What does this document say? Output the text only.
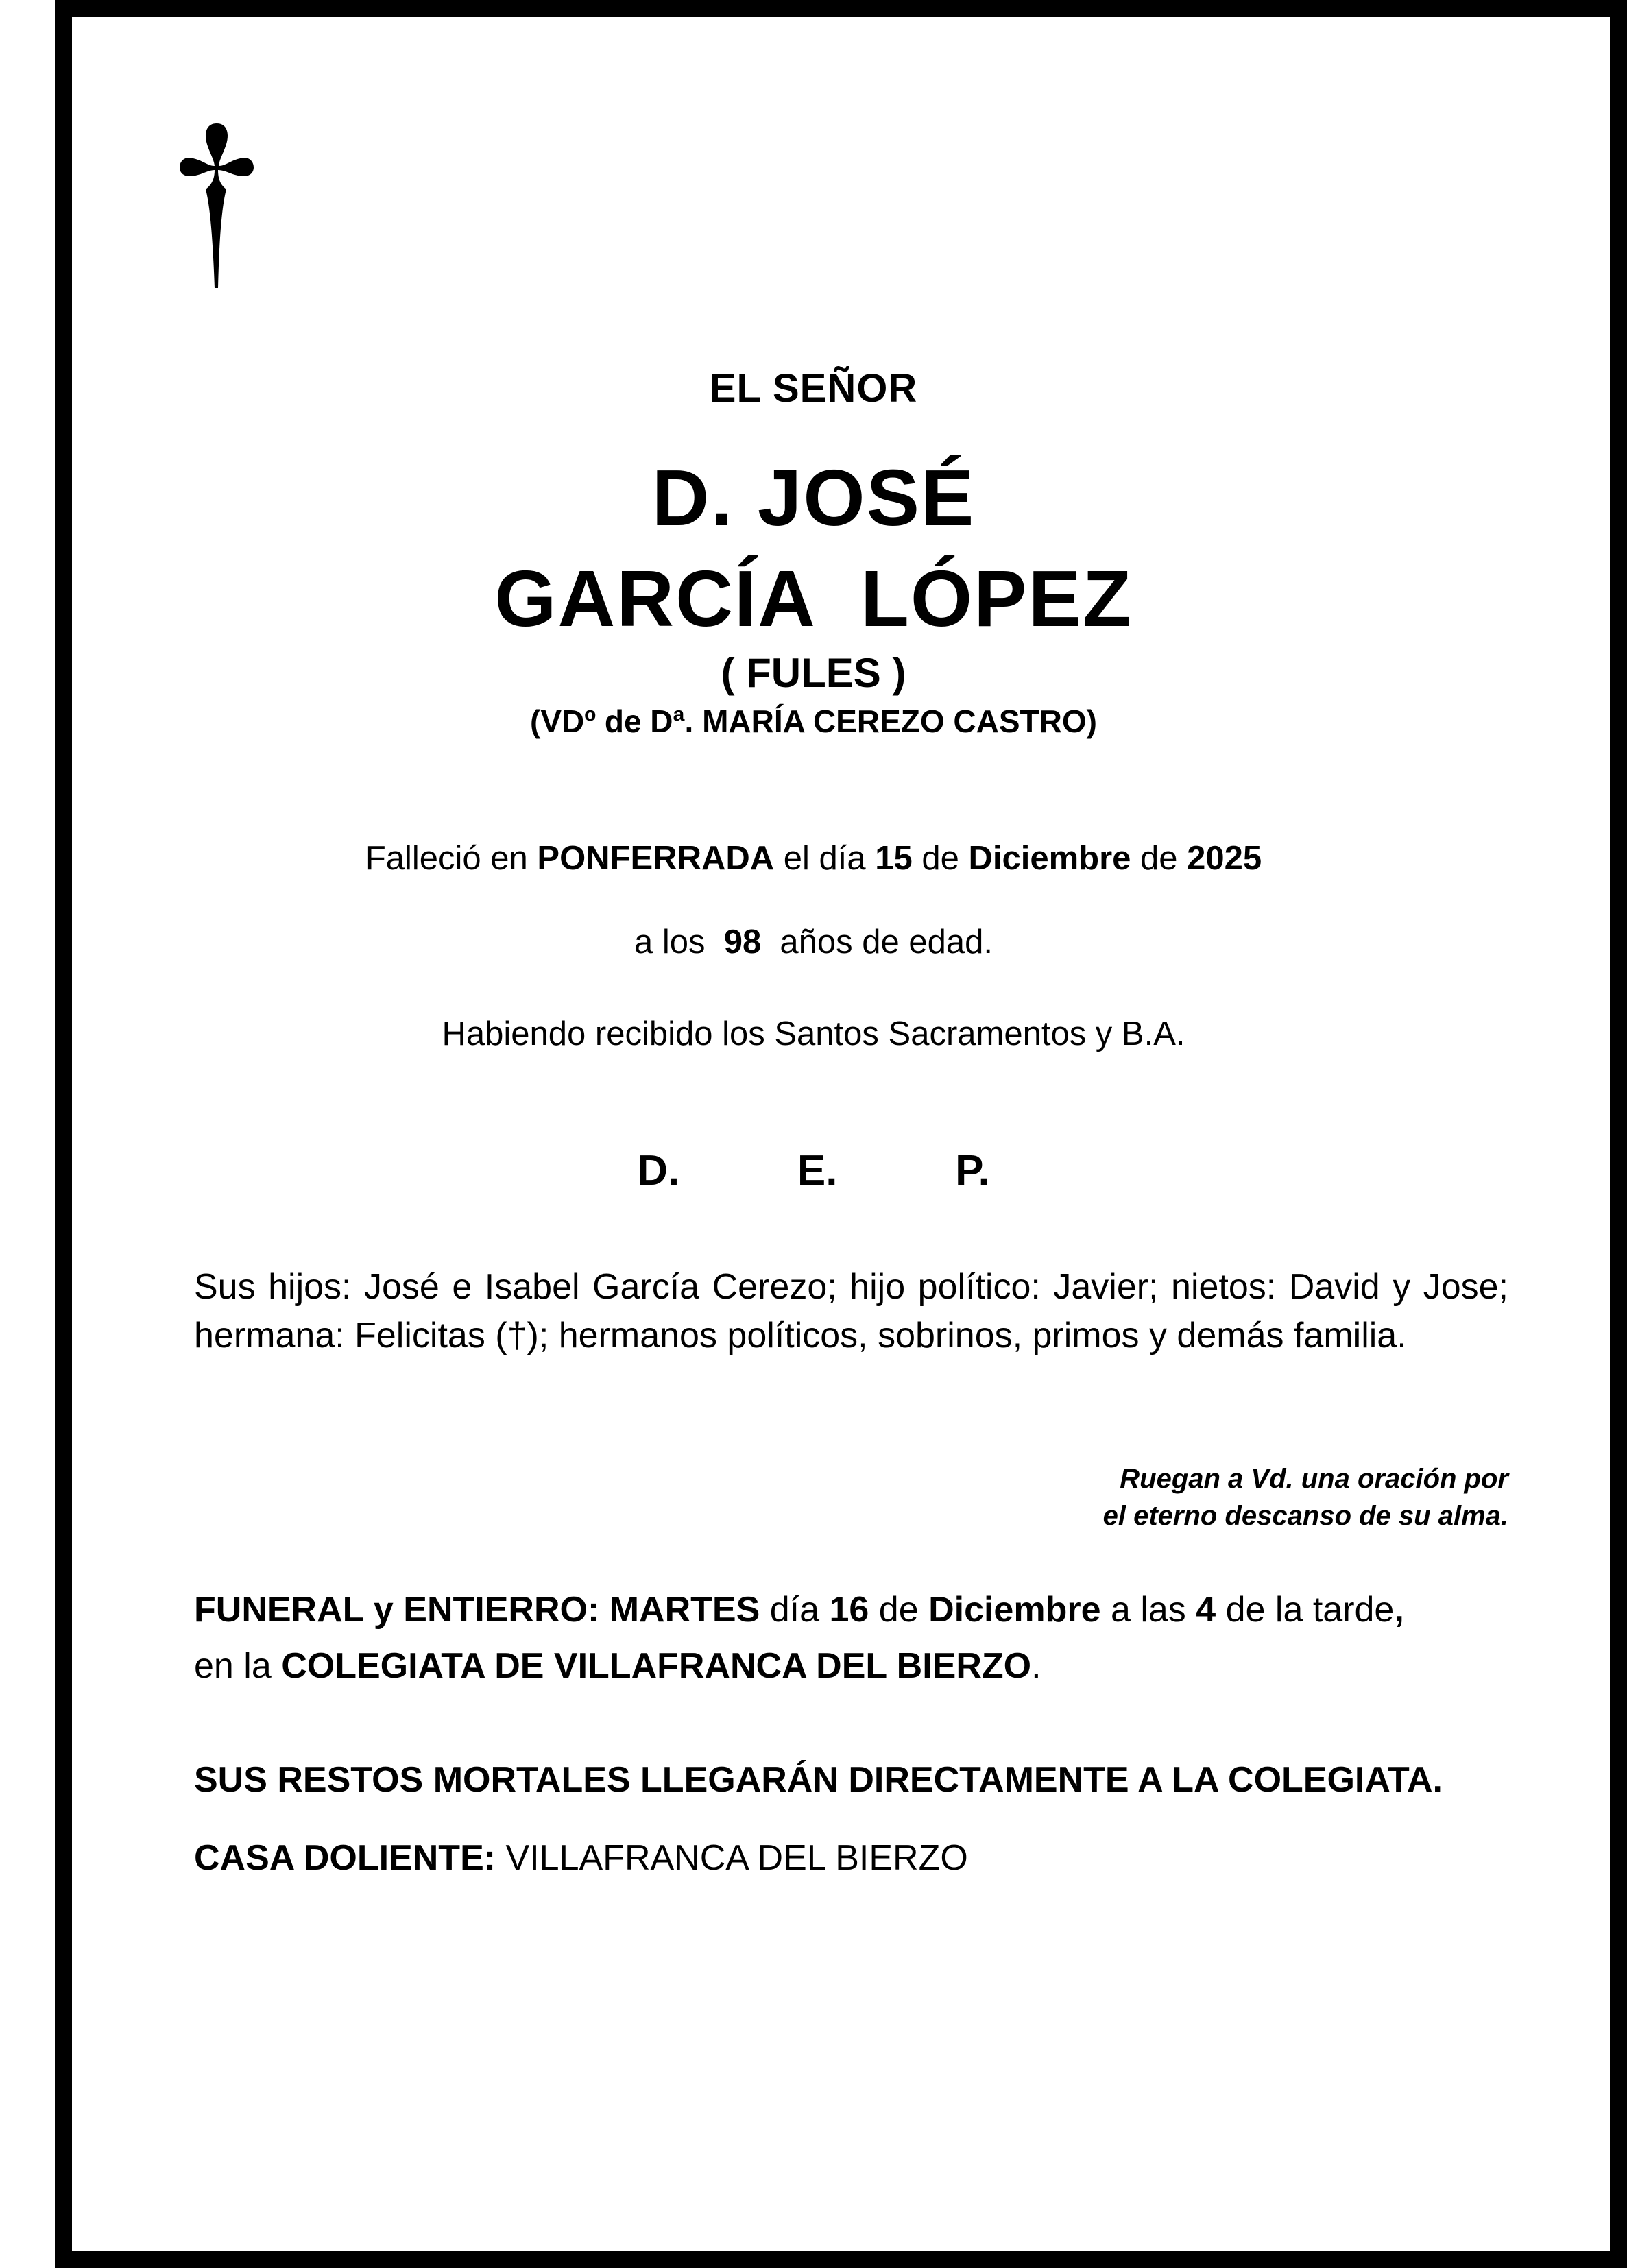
EL SEÑOR
D. JOSÉ
GARCÍA  LÓPEZ
( FULES )
(VDº de Dª. MARÍA CEREZO CASTRO)
Falleció en PONFERRADA el día 15 de Diciembre de 2025
a los  98  años de edad.
Habiendo recibido los Santos Sacramentos y B.A.
D.   E.   P.
Sus hijos: José e Isabel García Cerezo; hijo político: Javier; nietos: David y Jose; hermana: Felicitas (†); hermanos políticos, sobrinos, primos y demás familia.
Ruegan a Vd. una oración por
el eterno descanso de su alma.
FUNERAL y ENTIERRO: MARTES día 16 de Diciembre a las 4 de la tarde,
en la COLEGIATA DE VILLAFRANCA DEL BIERZO.
SUS RESTOS MORTALES LLEGARÁN DIRECTAMENTE A LA COLEGIATA.
CASA DOLIENTE: VILLAFRANCA DEL BIERZO
